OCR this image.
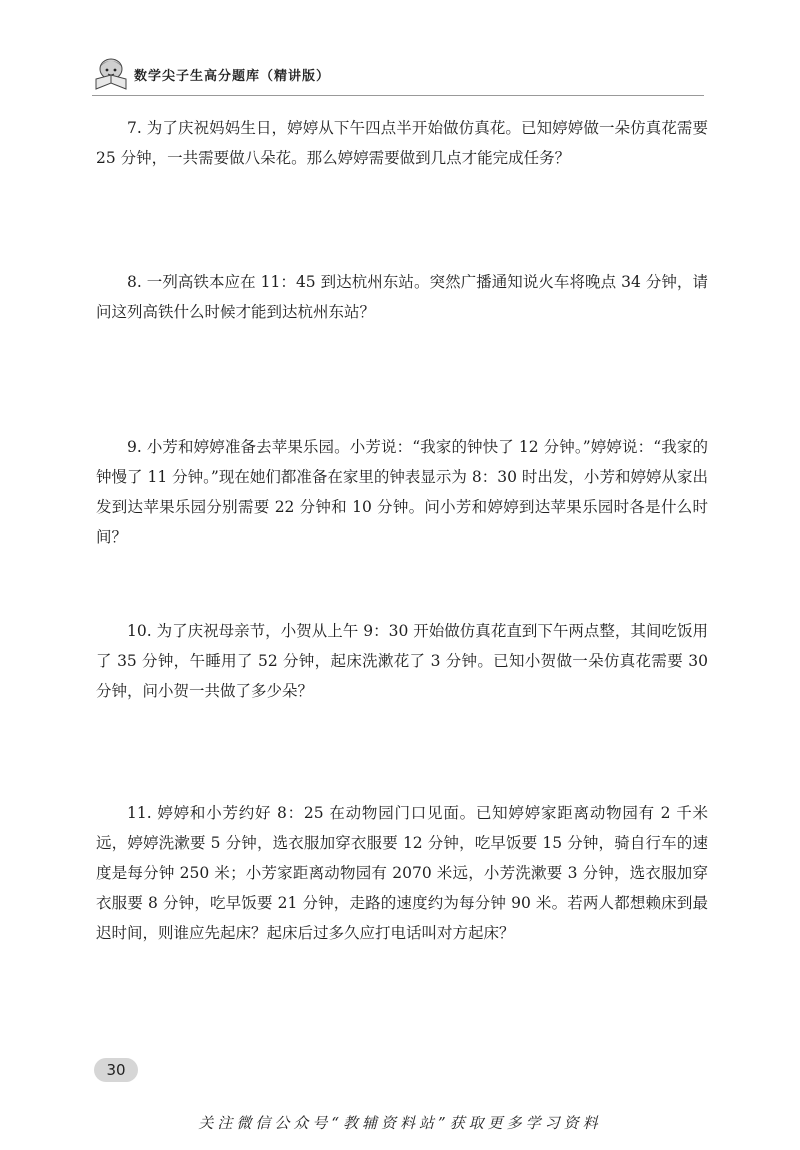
数学尖子生高分题库（精讲版）
7. 为了庆祝妈妈生日，婷婷从下午四点半开始做仿真花。已知婷婷做一朵仿真花需要 25 分钟，一共需要做八朵花。那么婷婷需要做到几点才能完成任务？
8. 一列高铁本应在 11：45 到达杭州东站。突然广播通知说火车将晚点 34 分钟，请问这列高铁什么时候才能到达杭州东站？
9. 小芳和婷婷准备去苹果乐园。小芳说：“我家的钟快了 12 分钟。”婷婷说：“我家的钟慢了 11 分钟。”现在她们都准备在家里的钟表显示为 8：30 时出发，小芳和婷婷从家出发到达苹果乐园分别需要 22 分钟和 10 分钟。问小芳和婷婷到达苹果乐园时各是什么时间？
10. 为了庆祝母亲节，小贺从上午 9：30 开始做仿真花直到下午两点整，其间吃饭用了 35 分钟，午睡用了 52 分钟，起床洗漱花了 3 分钟。已知小贺做一朵仿真花需要 30 分钟，问小贺一共做了多少朵？
11. 婷婷和小芳约好 8：25 在动物园门口见面。已知婷婷家距离动物园有 2 千米远，婷婷洗漱要 5 分钟，选衣服加穿衣服要 12 分钟，吃早饭要 15 分钟，骑自行车的速度是每分钟 250 米；小芳家距离动物园有 2070 米远，小芳洗漱要 3 分钟，选衣服加穿衣服要 8 分钟，吃早饭要 21 分钟，走路的速度约为每分钟 90 米。若两人都想赖床到最迟时间，则谁应先起床？起床后过多久应打电话叫对方起床？
30
关注微信公众号“教辅资料站”获取更多学习资料
